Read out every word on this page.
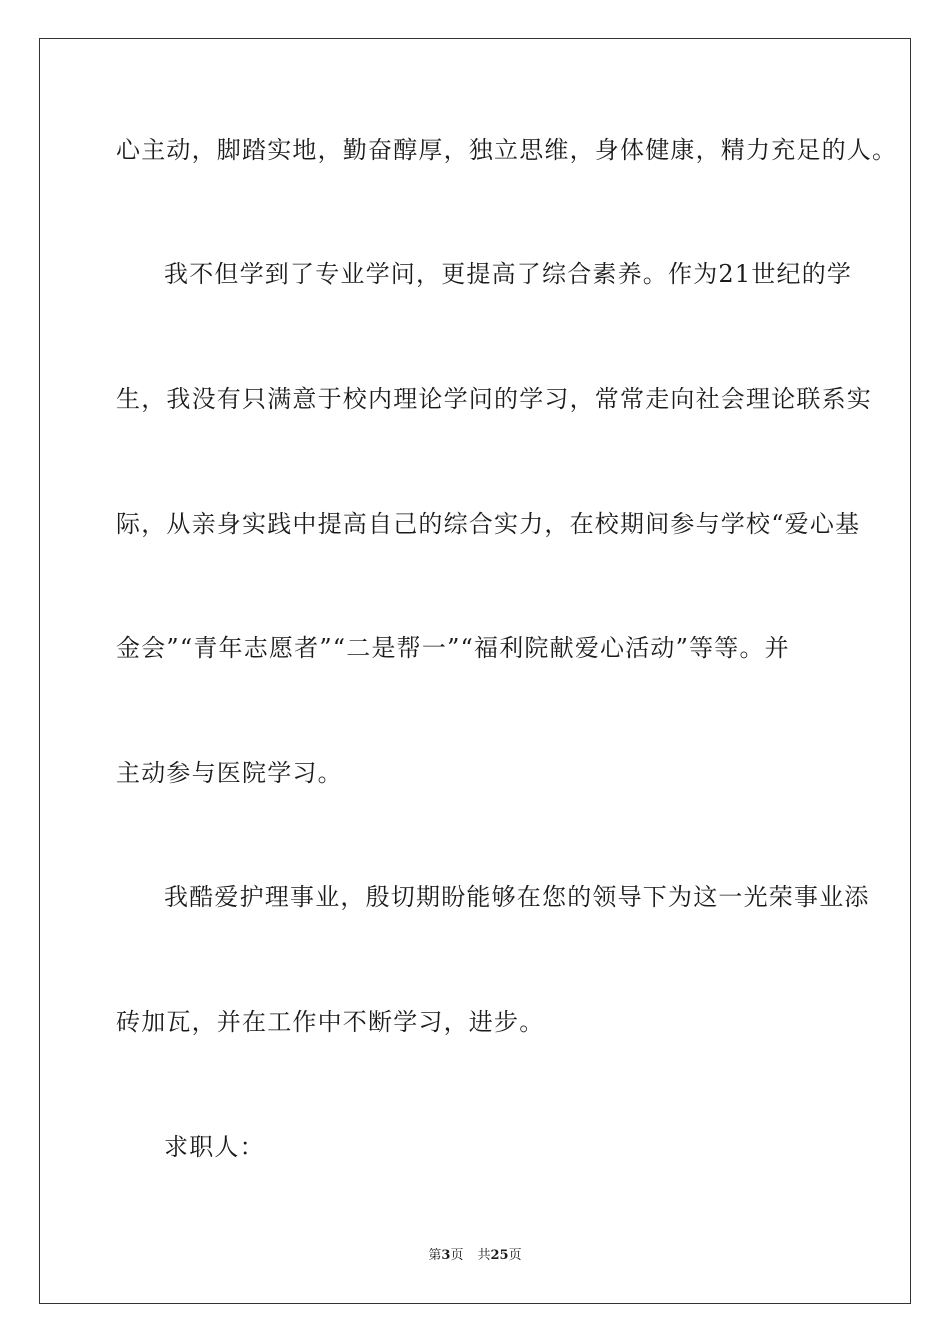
心主动，脚踏实地，勤奋醇厚，独立思维，身体健康，精力充足的人。
我不但学到了专业学问，更提高了综合素养。作为21世纪的学
生，我没有只满意于校内理论学问的学习，常常走向社会理论联系实
际，从亲身实践中提高自己的综合实力，在校期间参与学校“爱心基
金会”“青年志愿者”“二是帮一”“福利院献爱心活动”等等。并
主动参与医院学习。
我酷爱护理事业，殷切期盼能够在您的领导下为这一光荣事业添
砖加瓦，并在工作中不断学习，进步。
求职人：
第3页 共25页
